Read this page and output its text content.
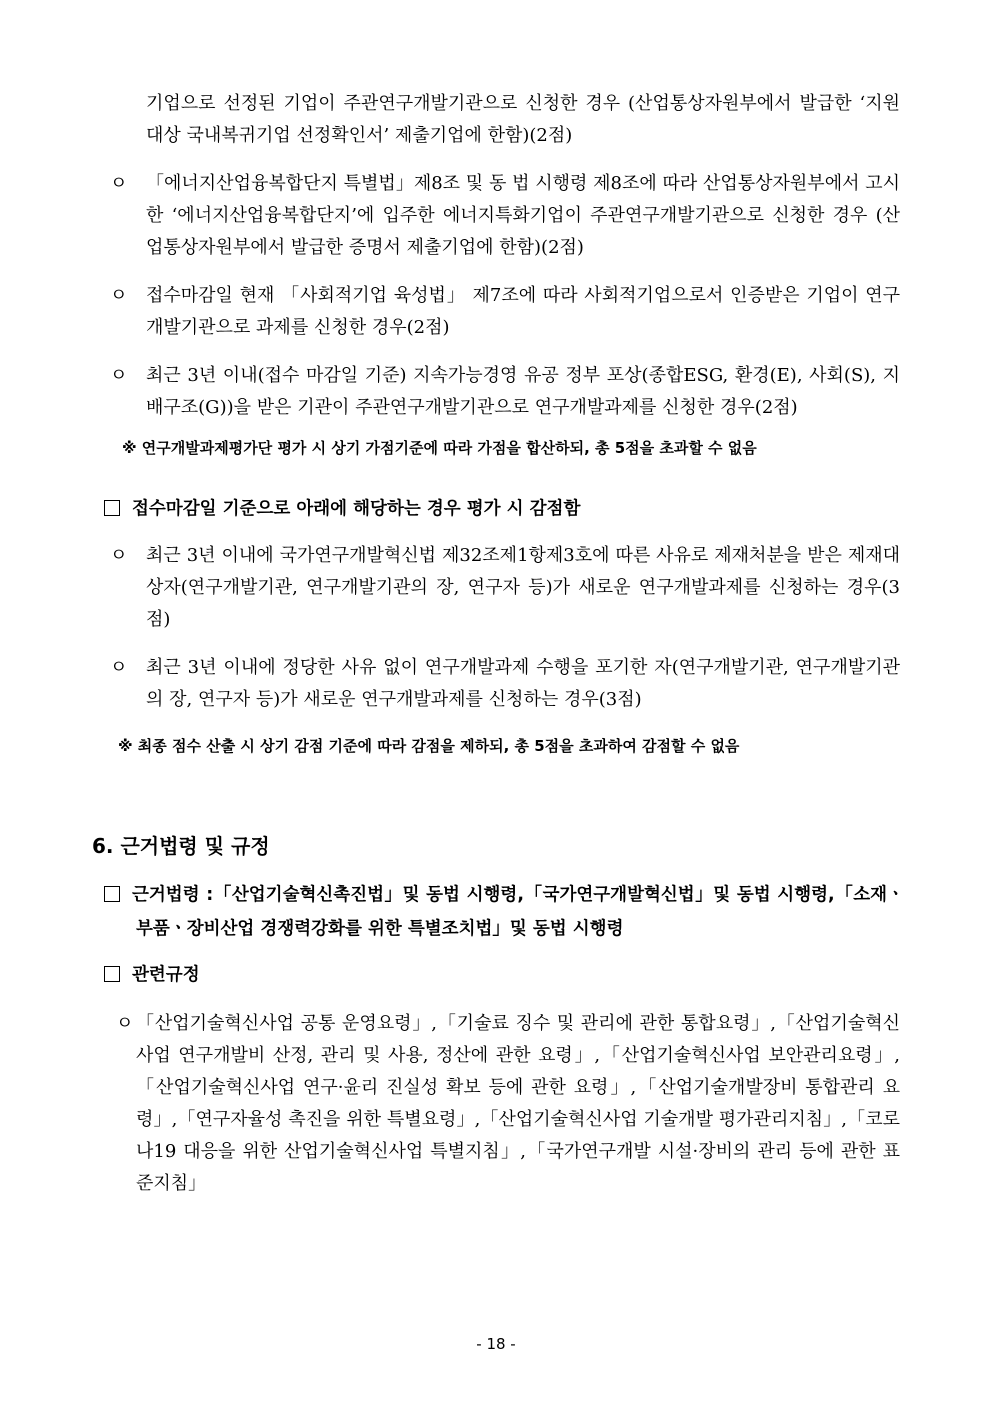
기업으로 선정된 기업이 주관연구개발기관으로 신청한 경우 (산업통상자원부에서 발급한 ‘지원대상 국내복귀기업 선정확인서’ 제출기업에 한함)(2점)
ㅇ 「에너지산업융복합단지 특별법」제8조 및 동 법 시행령 제8조에 따라 산업통상자원부에서 고시한 ‘에너지산업융복합단지’에 입주한 에너지특화기업이 주관연구개발기관으로 신청한 경우 (산업통상자원부에서 발급한 증명서 제출기업에 한함)(2점)
ㅇ 접수마감일 현재 「사회적기업 육성법」 제7조에 따라 사회적기업으로서 인증받은 기업이 연구개발기관으로 과제를 신청한 경우(2점)
ㅇ 최근 3년 이내(접수 마감일 기준) 지속가능경영 유공 정부 포상(종합ESG, 환경(E), 사회(S), 지배구조(G))을 받은 기관이 주관연구개발기관으로 연구개발과제를 신청한 경우(2점)
※ 연구개발과제평가단 평가 시 상기 가점기준에 따라 가점을 합산하되, 총 5점을 초과할 수 없음
접수마감일 기준으로 아래에 해당하는 경우 평가 시 감점함
ㅇ 최근 3년 이내에 국가연구개발혁신법 제32조제1항제3호에 따른 사유로 제재처분을 받은 제재대상자(연구개발기관, 연구개발기관의 장, 연구자 등)가 새로운 연구개발과제를 신청하는 경우(3점)
ㅇ 최근 3년 이내에 정당한 사유 없이 연구개발과제 수행을 포기한 자(연구개발기관, 연구개발기관의 장, 연구자 등)가 새로운 연구개발과제를 신청하는 경우(3점)
※ 최종 점수 산출 시 상기 감점 기준에 따라 감점을 제하되, 총 5점을 초과하여 감점할 수 없음
6. 근거법령 및 규정
근거법령 :「산업기술혁신촉진법」및 동법 시행령,「국가연구개발혁신법」및 동법 시행령,「소재ㆍ부품ㆍ장비산업 경쟁력강화를 위한 특별조치법」및 동법 시행령
관련규정
ㅇ 「산업기술혁신사업 공통 운영요령」,「기술료 징수 및 관리에 관한 통합요령」,「산업기술혁신사업 연구개발비 산정, 관리 및 사용, 정산에 관한 요령」,「산업기술혁신사업 보안관리요령」,「산업기술혁신사업 연구·윤리 진실성 확보 등에 관한 요령」,「산업기술개발장비 통합관리 요령」,「연구자율성 촉진을 위한 특별요령」,「산업기술혁신사업 기술개발 평가관리지침」,「코로나19 대응을 위한 산업기술혁신사업 특별지침」,「국가연구개발 시설·장비의 관리 등에 관한 표준지침」
- 18 -
